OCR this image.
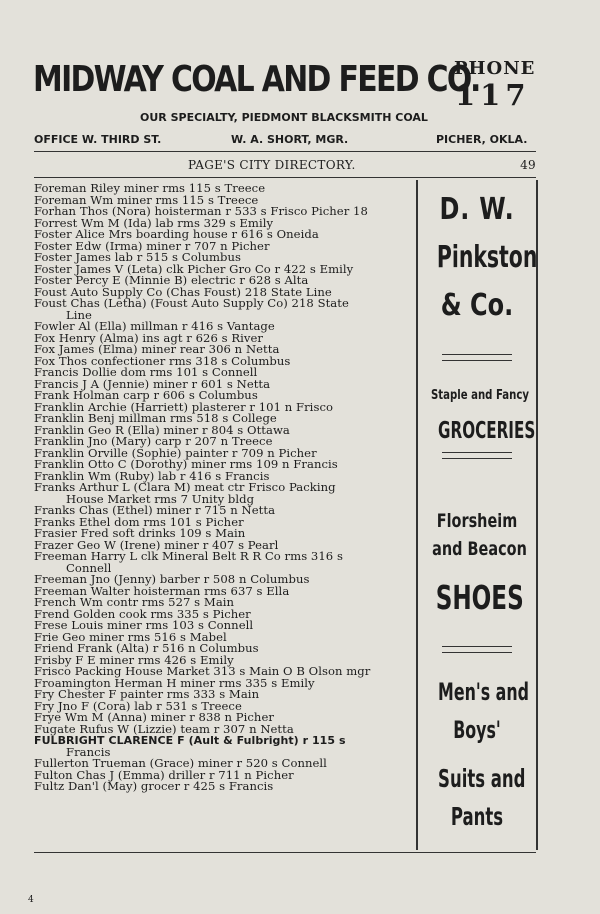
MIDWAY COAL AND FEED CO.
PHONE
117
OUR SPECIALTY, PIEDMONT BLACKSMITH COAL
OFFICE W. THIRD ST.	W. A. SHORT, MGR.	PICHER, OKLA.
PAGE'S CITY DIRECTORY.	49
Foreman Riley miner rms 115 s Treece
Foreman Wm miner rms 115 s Treece
Forhan Thos (Nora) hoisterman r 533 s Frisco Picher 18
Forrest Wm M (Ida) lab rms 329 s Emily
Foster Alice Mrs boarding house r 616 s Oneida
Foster Edw (Irma) miner r 707 n Picher
Foster James lab r 515 s Columbus
Foster James V (Leta) clk Picher Gro Co r 422 s Emily
Foster Percy E (Minnie B) electric r 628 s Alta
Foust Auto Supply Co (Chas Foust) 218 State Line
Foust Chas (Letha) (Foust Auto Supply Co) 218 State
Line
Fowler Al (Ella) millman r 416 s Vantage
Fox Henry (Alma) ins agt r 626 s River
Fox James (Elma) miner rear 306 n Netta
Fox Thos confectioner rms 318 s Columbus
Francis Dollie dom rms 101 s Connell
Francis J A (Jennie) miner r 601 s Netta
Frank Holman carp r 606 s Columbus
Franklin Archie (Harriett) plasterer r 101 n Frisco
Franklin Benj millman rms 518 s College
Franklin Geo R (Ella) miner r 804 s Ottawa
Franklin Jno (Mary) carp r 207 n Treece
Franklin Orville (Sophie) painter r 709 n Picher
Franklin Otto C (Dorothy) miner rms 109 n Francis
Franklin Wm (Ruby) lab r 416 s Francis
Franks Arthur L (Clara M) meat ctr Frisco Packing
House Market rms 7 Unity bldg
Franks Chas (Ethel) miner r 715 n Netta
Franks Ethel dom rms 101 s Picher
Frasier Fred soft drinks 109 s Main
Frazer Geo W (Irene) miner r 407 s Pearl
Freeman Harry L clk Mineral Belt R R Co rms 316 s
Connell
Freeman Jno (Jenny) barber r 508 n Columbus
Freeman Walter hoisterman rms 637 s Ella
French Wm contr rms 527 s Main
Frend Golden cook rms 335 s Picher
Frese Louis miner rms 103 s Connell
Frie Geo miner rms 516 s Mabel
Friend Frank (Alta) r 516 n Columbus
Frisby F E miner rms 426 s Emily
Frisco Packing House Market 313 s Main O B Olson mgr
Froamington Herman H miner rms 335 s Emily
Fry Chester F painter rms 333 s Main
Fry Jno F (Cora) lab r 531 s Treece
Frye Wm M (Anna) miner r 838 n Picher
Fugate Rufus W (Lizzie) team r 307 n Netta
FULBRIGHT CLARENCE F (Ault & Fulbright) r 115 s
Francis
Fullerton Trueman (Grace) miner r 520 s Connell
Fulton Chas J (Emma) driller r 711 n Picher
Fultz Dan'l (May) grocer r 425 s Francis
D. W.
Pinkston
& Co.
Staple and Fancy
GROCERIES
Florsheim
and Beacon
SHOES
Men's and
Boys'
Suits and
Pants
4
